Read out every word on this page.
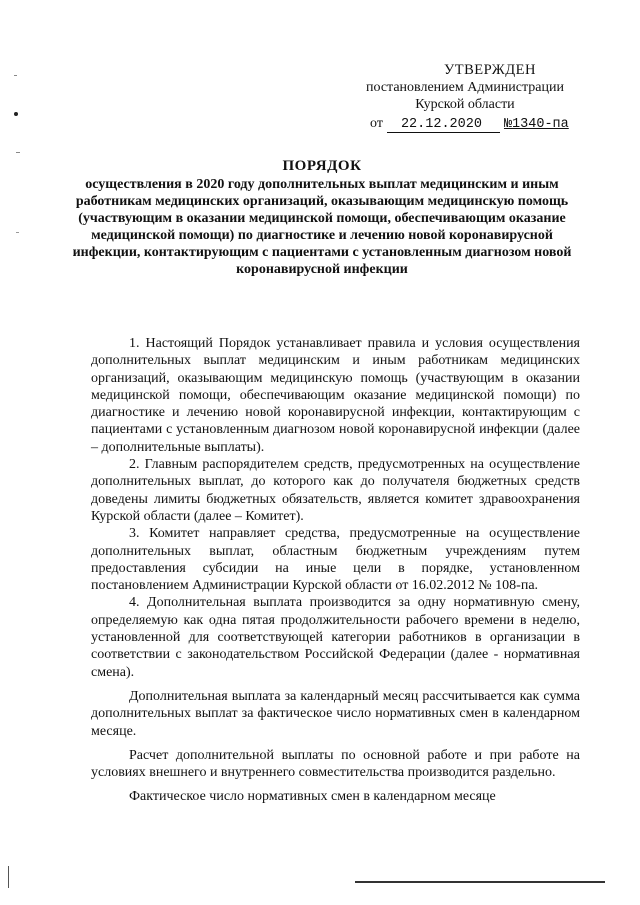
УТВЕРЖДЕН
постановлением Администрации
Курской области
от 22.12.2020 №1340-па
ПОРЯДОК
осуществления в 2020 году дополнительных выплат медицинским и иным работникам медицинских организаций, оказывающим медицинскую помощь (участвующим в оказании медицинской помощи, обеспечивающим оказание медицинской помощи) по диагностике и лечению новой коронавирусной инфекции, контактирующим с пациентами с установленным диагнозом новой коронавирусной инфекции

1. Настоящий Порядок устанавливает правила и условия осуществления дополнительных выплат медицинским и иным работникам медицинских организаций, оказывающим медицинскую помощь (участвующим в оказании медицинской помощи, обеспечивающим оказание медицинской помощи) по диагностике и лечению новой коронавирусной инфекции, контактирующим с пациентами с установленным диагнозом новой коронавирусной инфекции (далее – дополнительные выплаты).

2. Главным распорядителем средств, предусмотренных на осуществление дополнительных выплат, до которого как до получателя бюджетных средств доведены лимиты бюджетных обязательств, является комитет здравоохранения Курской области (далее – Комитет).

3. Комитет направляет средства, предусмотренные на осуществление дополнительных выплат, областным бюджетным учреждениям путем предоставления субсидии на иные цели в порядке, установленном постановлением Администрации Курской области от 16.02.2012 № 108-па.

4. Дополнительная выплата производится за одну нормативную смену, определяемую как одна пятая продолжительности рабочего времени в неделю, установленной для соответствующей категории работников в организации в соответствии с законодательством Российской Федерации (далее - нормативная смена).

Дополнительная выплата за календарный месяц рассчитывается как сумма дополнительных выплат за фактическое число нормативных смен в календарном месяце.

Расчет дополнительной выплаты по основной работе и при работе на условиях внешнего и внутреннего совместительства производится раздельно.

Фактическое число нормативных смен в календарном месяце
